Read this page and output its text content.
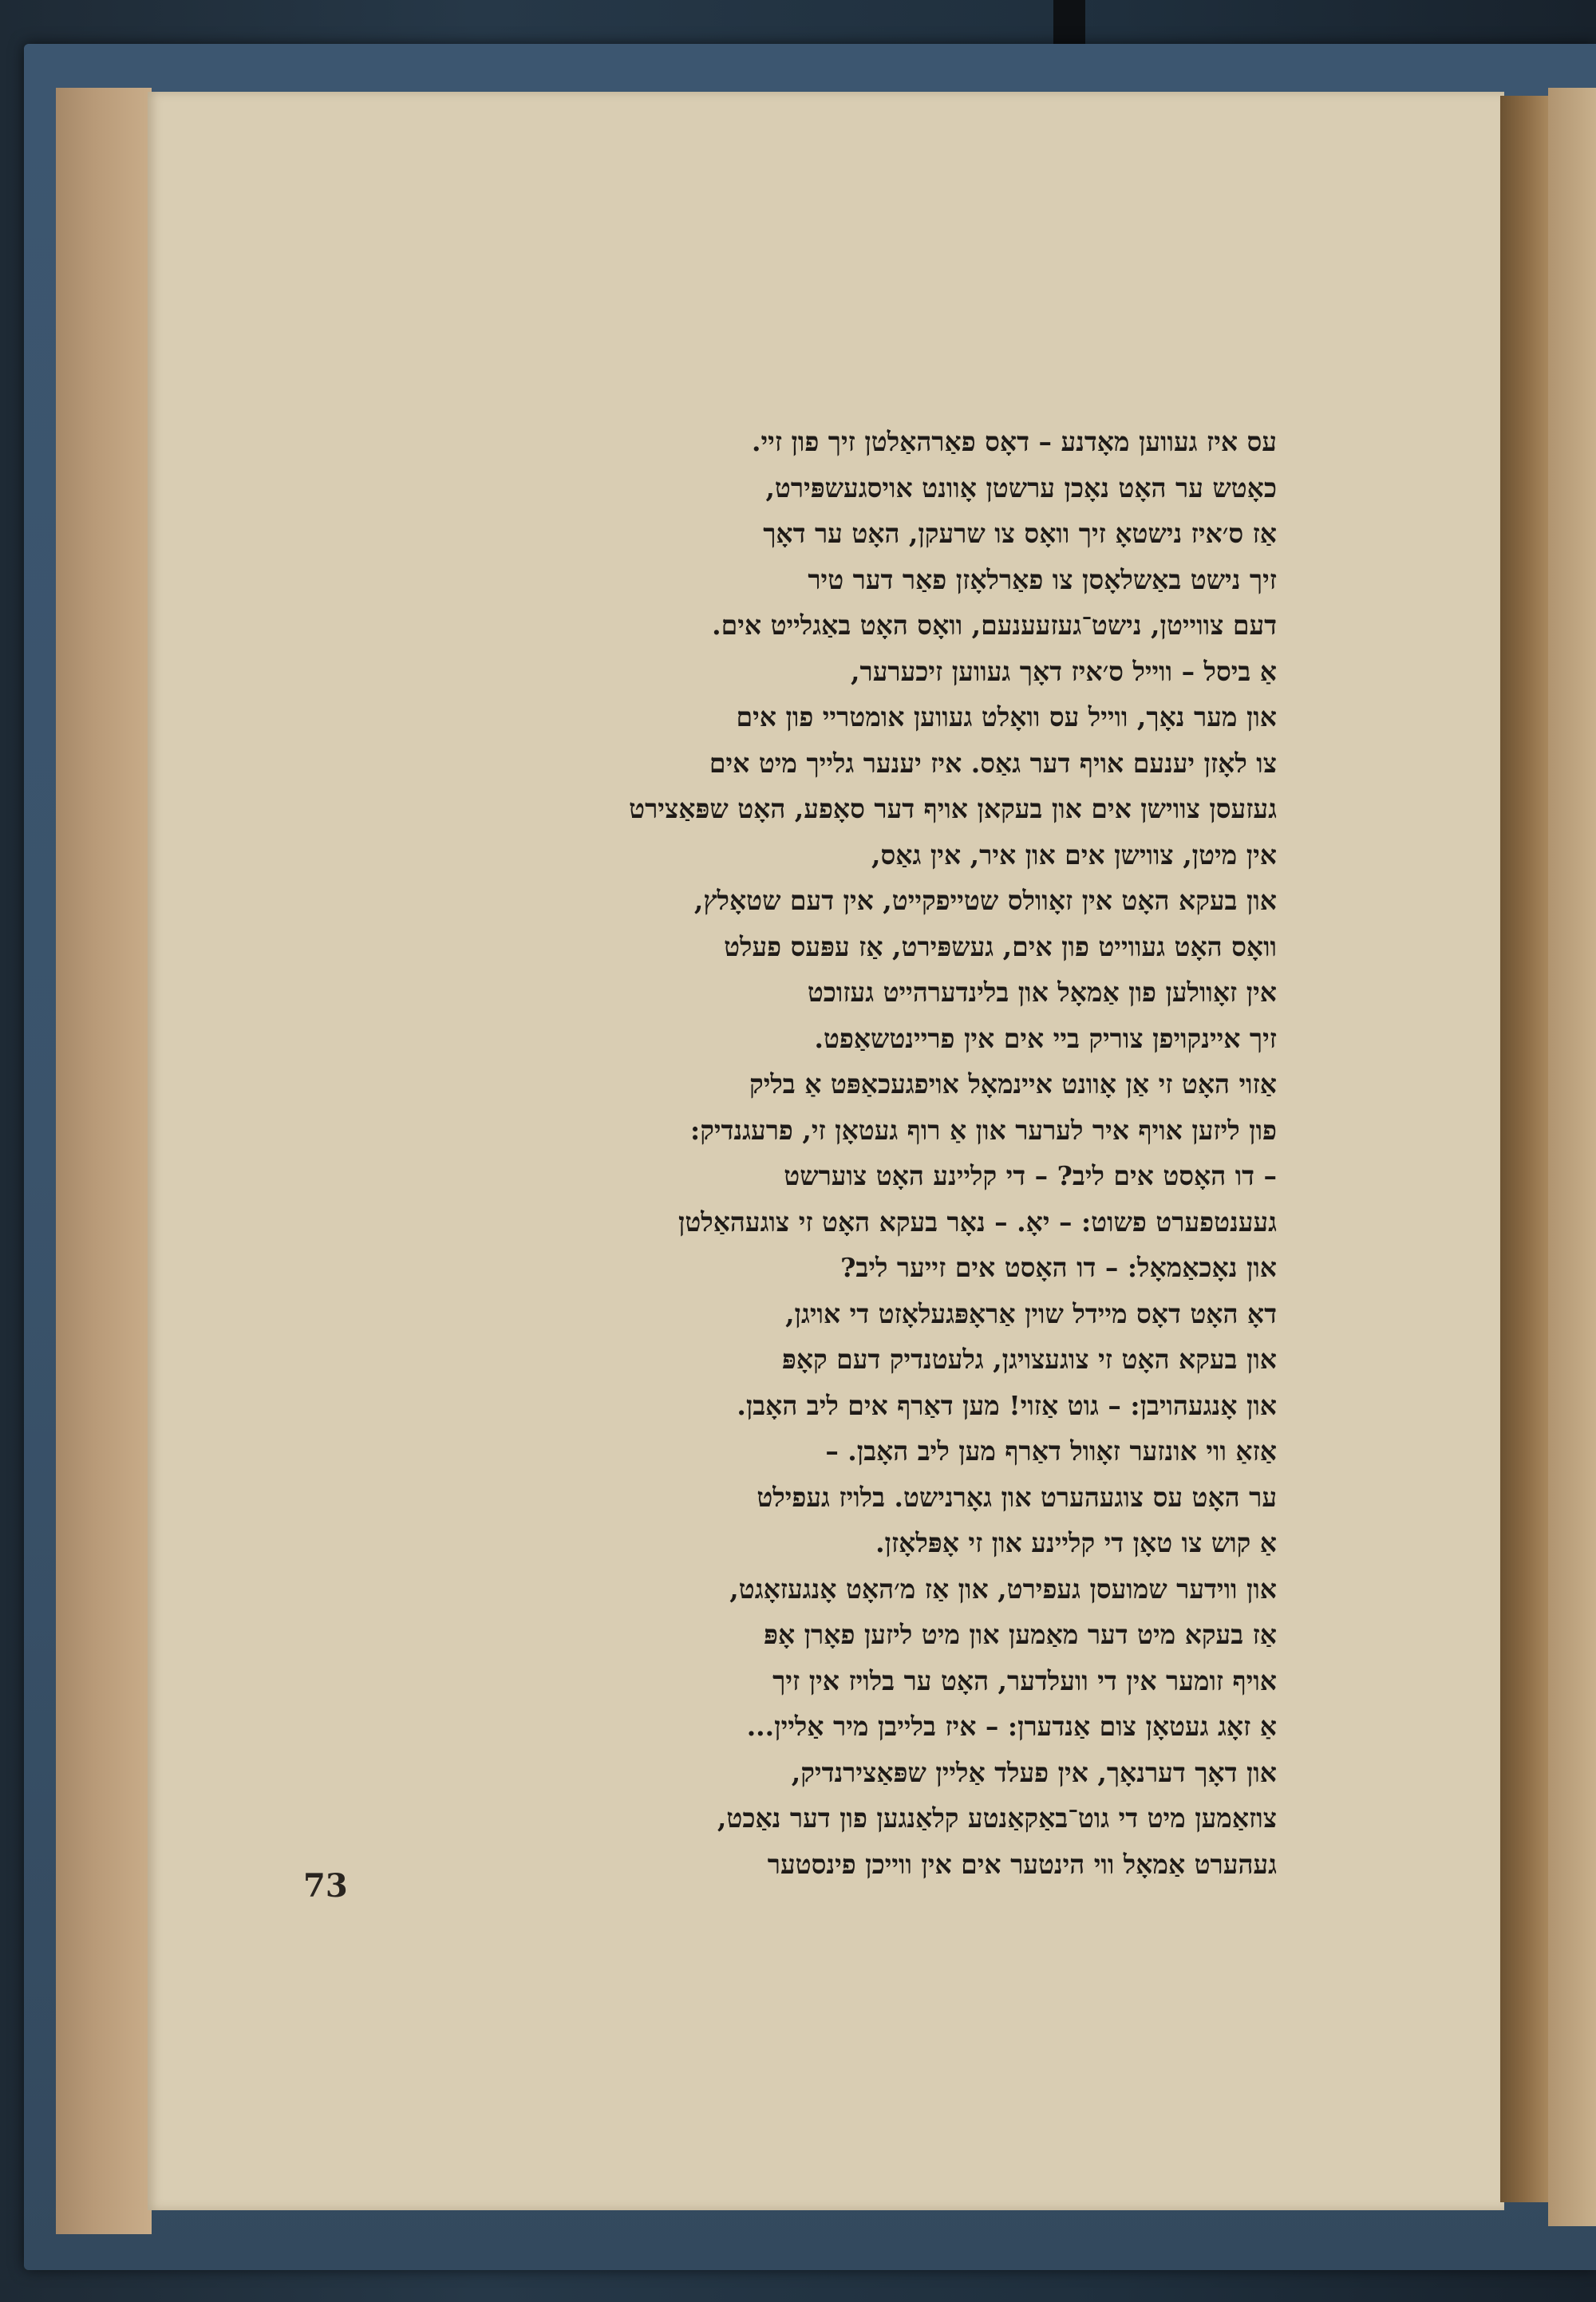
עס איז געווען מאָדנע – דאָס פאַרהאַלטן זיך פון זיי.
כאָטש ער האָט נאָכן ערשטן אָוונט אויסגעשפּירט,
אַז ס׳איז נישטאָ זיך וואָס צו שרעקן, האָט ער דאָך
זיך נישט באַשלאָסן צו פאַרלאָזן פאַר דער טיר
דעם צווייטן, נישט־געזעענעם, וואָס האָט באַגלייט אים.
אַ ביסל – ווייל ס׳איז דאָך געווען זיכערער,
און מער נאָך, ווייל עס וואָלט געווען אומטריי פון אים
צו לאָזן יענעם אויף דער גאַס. איז יענער גלייך מיט אים
געזעסן צווישן אים און בעקאן אויף דער סאָפע, האָט שפּאַצירט
אין מיטן, צווישן אים און איר, אין גאַס,
און בעקא האָט אין זאָוולס שטייפקייט, אין דעם שטאָלץ,
וואָס האָט געווייט פון אים, געשפּירט, אַז עפּעס פעלט
אין זאָוולען פון אַמאָל און בלינדערהייט געזוכט
זיך איינקויפן צוריק ביי אים אין פריינטשאַפט.
אַזוי האָט זי אַן אָוונט איינמאָל אויפגעכאַפּט אַ בליק
פון ליזען אויף איר לערער און אַ רוף געטאָן זי, פרעגנדיק:
– דו האָסט אים ליב? – די קליינע האָט צוערשט
געענטפערט פשוט: – יאָ. – נאָר בעקא האָט זי צוגעהאַלטן
און נאָכאַמאָל: – דו האָסט אים זייער ליב?
דאָ האָט דאָס מיידל שוין אַראָפּגעלאָזט די אויגן,
און בעקא האָט זי צוגעצויגן, גלעטנדיק דעם קאָפּ
און אָנגעהויבן: – גוט אַזוי! מען דאַרף אים ליב האָבן.
אַזאַ ווי אונזער זאָוול דאַרף מען ליב האָבן. –
ער האָט עס צוגעהערט און גאָרנישט. בלויז געפילט
אַ קוש צו טאָן די קליינע און זי אָפּלאָזן.
און ווידער שמועסן געפירט, און אַז מ׳האָט אָנגעזאָגט,
אַז בעקא מיט דער מאַמען און מיט ליזען פאָרן אָפּ
אויף זומער אין די וועלדער, האָט ער בלויז אין זיך
אַ זאָג געטאָן צום אַנדערן: – איז בלייבן מיר אַליין...
און דאָך דערנאָך, אין פעלד אַליין שפּאַצירנדיק,
צוזאַמען מיט די גוט־באַקאַנטע קלאַנגען פון דער נאַכט,
געהערט אַמאָל ווי הינטער אים אין ווייכן פינסטער
73
